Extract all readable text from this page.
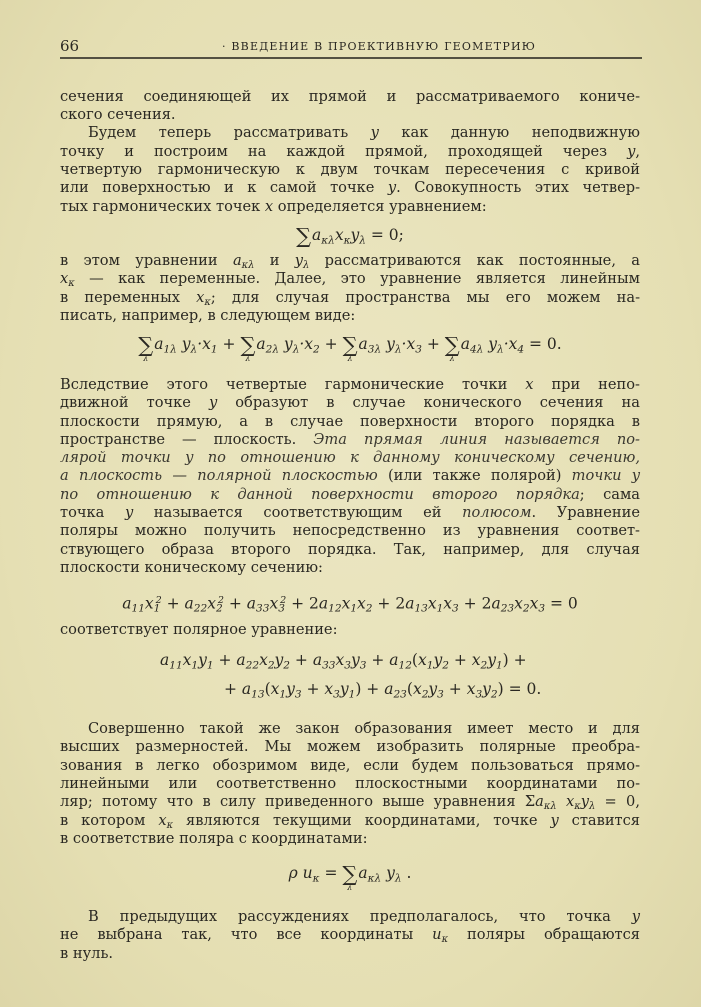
66	· ВВЕДЕНИЕ В ПРОЕКТИВНУЮ ГЕОМЕТРИЮ
сечения соединяющей их прямой и рассматриваемого кониче-
ского сечения.
Будем теперь рассматривать y как данную неподвижную
точку и построим на каждой прямой, проходящей через y,
четвертую гармоническую к двум точкам пересечения с кривой
или поверхностью и к самой точке y. Совокупность этих четвер-
тых гармонических точек x определяется уравнением:
$\sum a_{\kappa\lambda}x_\kappa y_\lambda = 0$;
в этом уравнении $a_{\kappa\lambda}$ и $y_\lambda$ рассматриваются как постоянные, а
$x_\kappa$ — как переменные. Далее, это уравнение является линейным
в переменных $x_\kappa$; для случая пространства мы его можем на-
писать, например, в следующем виде:
∑
λ
$a_{1\lambda}$ $y_\lambda\cdot x_1$ + ∑
λ
$a_{2\lambda}$ $y_\lambda\cdot x_2$ + ∑
λ
$a_{3\lambda}$ $y_\lambda\cdot x_3$ + ∑
λ
$a_{4\lambda}$ $y_\lambda\cdot x_4 = 0$.
Вследствие этого четвертые гармонические точки x при непо-
движной точке y образуют в случае конического сечения на
плоскости прямую, а в случае поверхности второго порядка в
пространстве — плоскость. Эта прямая линия называется по-
лярой точки y по отношению к данному коническому сечению,
а плоскость — полярной плоскостью (или также полярой) точки y
по отношению к данной поверхности второго порядка; сама
точка y называется соответствующим ей полюсом. Уравнение
поляры можно получить непосредственно из уравнения соответ-
ствующего образа второго порядка. Так, например, для случая
плоскости коническому сечению:
$a_{11}x_1^2 + a_{22}x_2^2 + a_{33}x_3^2 + 2a_{12}x_1x_2 + 2a_{13}x_1x_3 + 2a_{23}x_2x_3 = 0$
соответствует полярное уравнение:
$a_{11}x_1y_1 + a_{22}x_2y_2 + a_{33}x_3y_3 + a_{12}(x_1y_2 + x_2y_1)$ +
+ $a_{13}(x_1y_3 + x_3y_1) + a_{23}(x_2y_3 + x_3y_2) = 0$.
Совершенно такой же закон образования имеет место и для
высших размерностей. Мы можем изобразить полярные преобра-
зования в легко обозримом виде, если будем пользоваться прямо-
линейными или соответственно плоскостными координатами по-
ляр; потому что в силу приведенного выше уравнения $\Sigma a_{\kappa\lambda}$ $x_\kappa y_\lambda = 0$,
в котором $x_\kappa$ являются текущими координатами, точке y ставится
в соответствие поляра с координатами:
ρ $u_\kappa$ = ∑
λ
$a_{\kappa\lambda}$ $y_\lambda$ .
В предыдущих рассуждениях предполагалось, что точка y
не выбрана так, что все координаты $u_\kappa$ поляры обращаются
в нуль.
